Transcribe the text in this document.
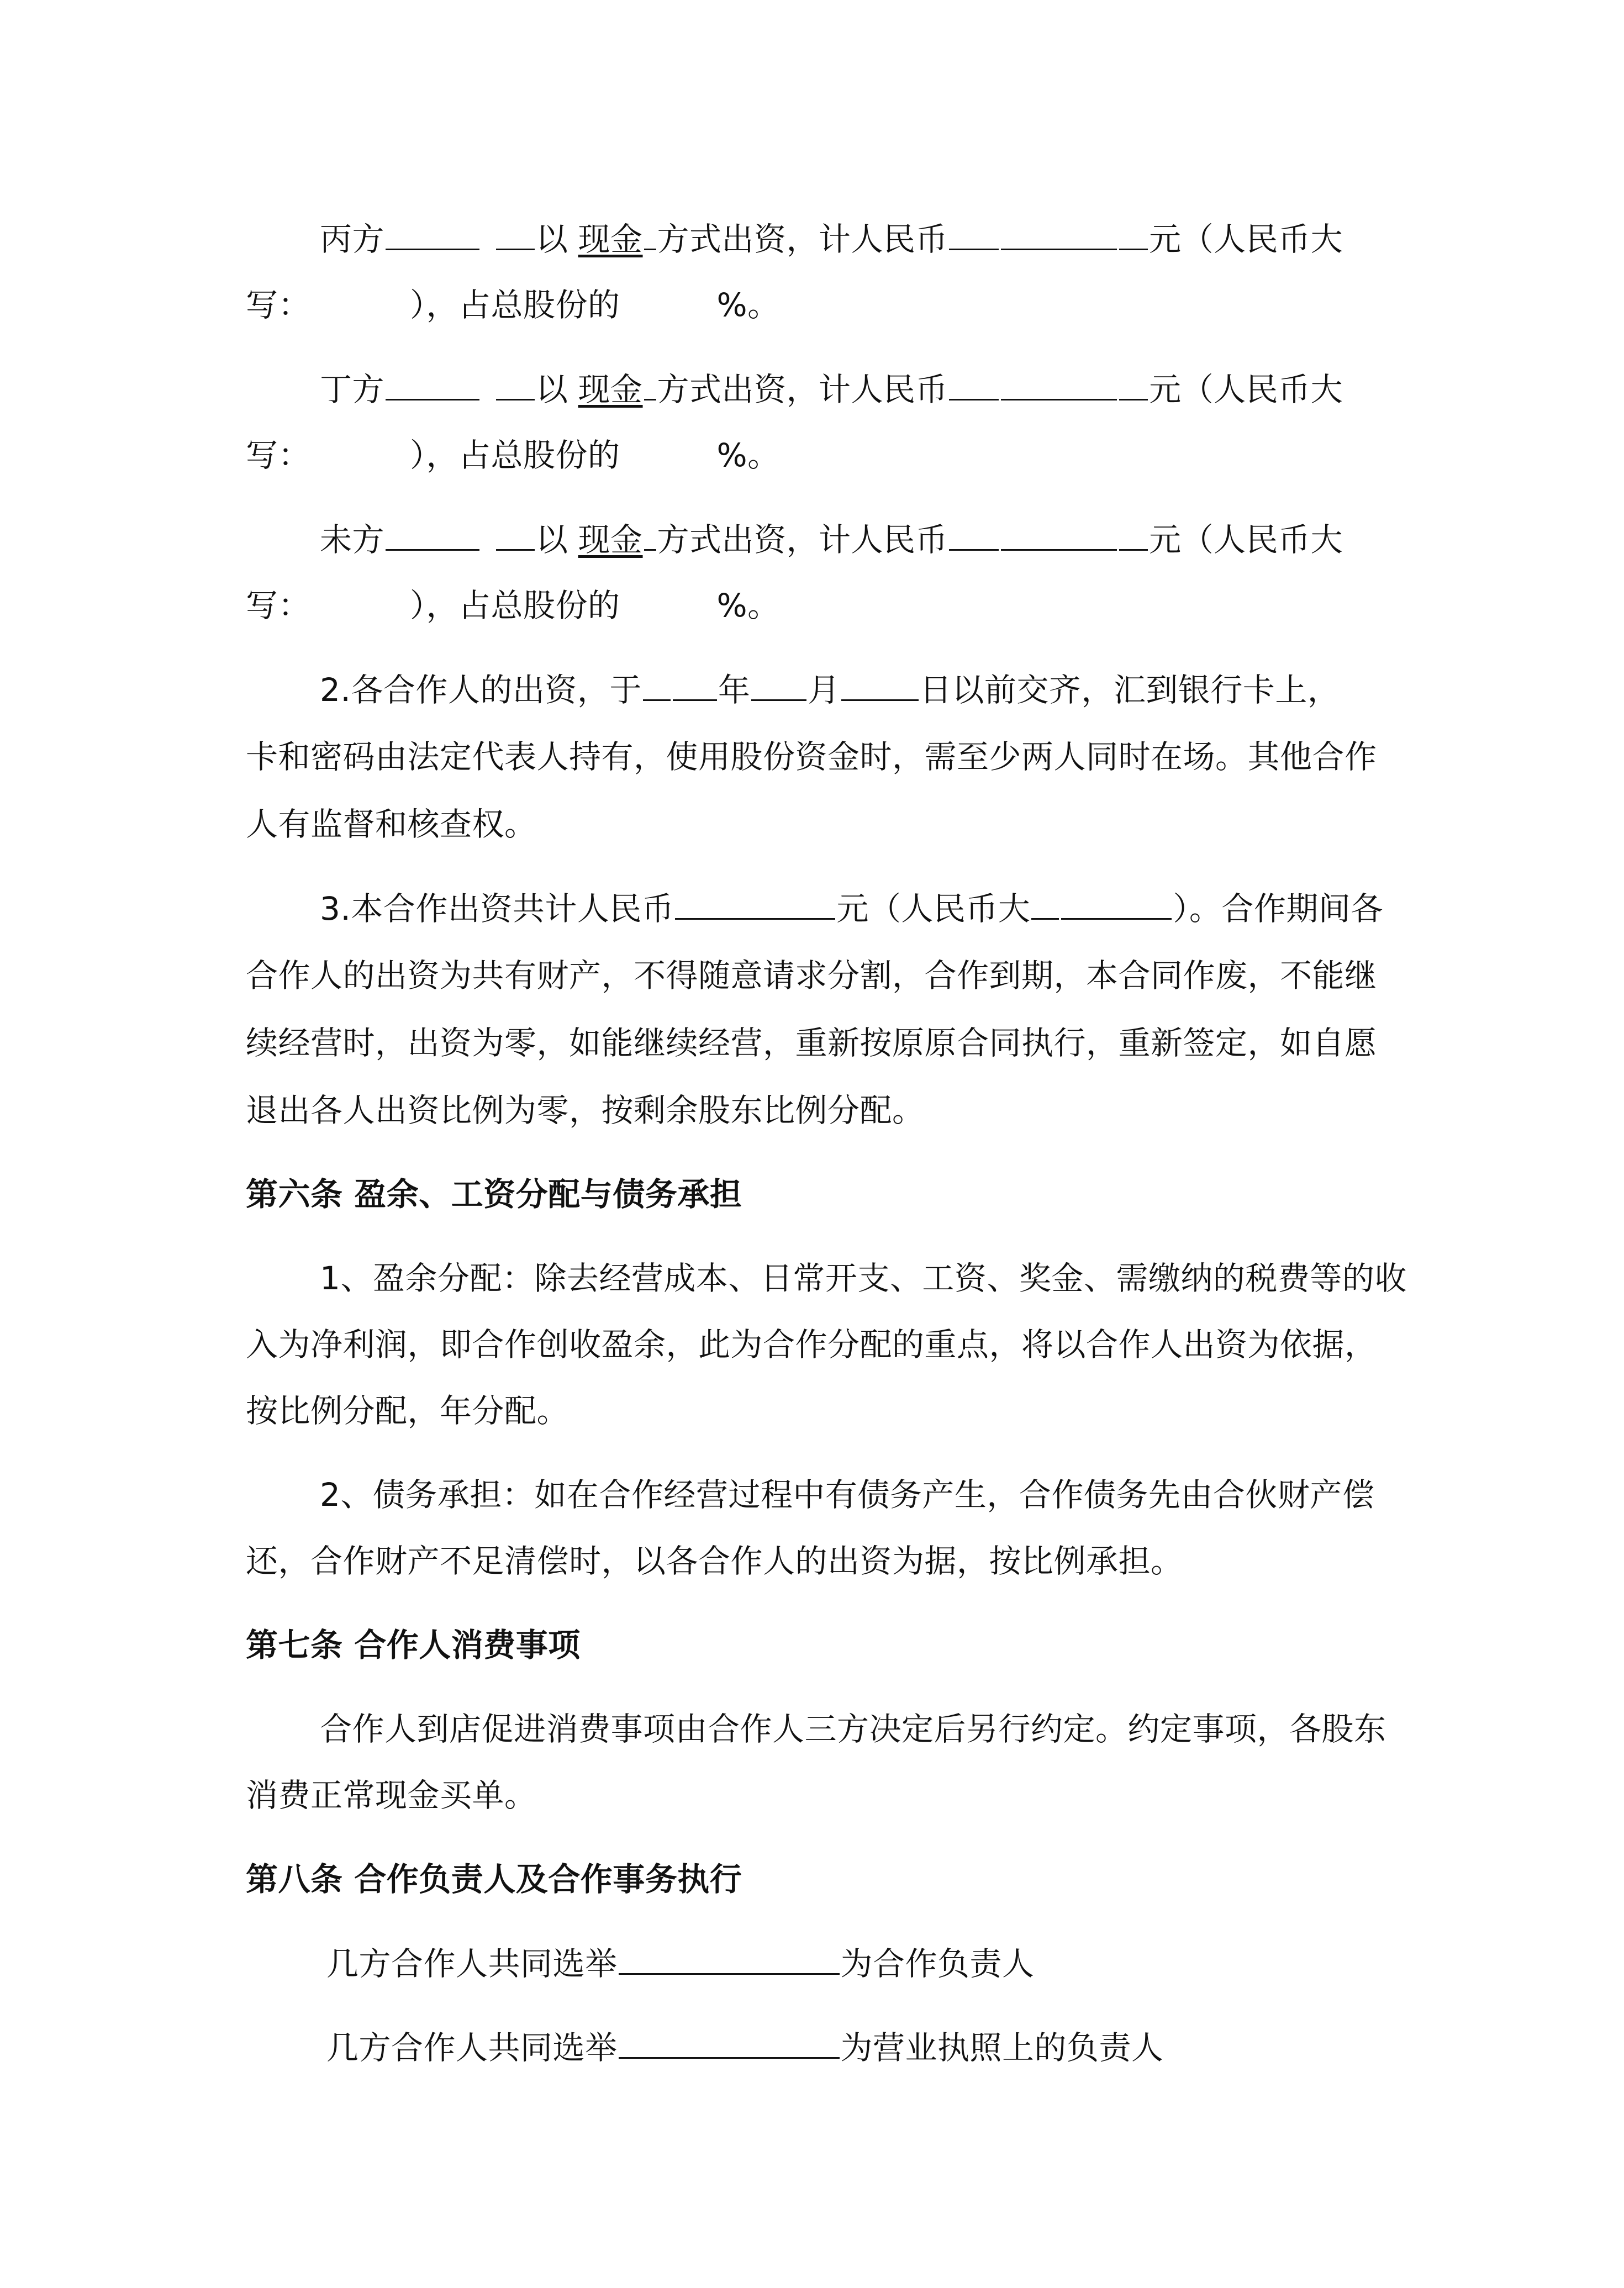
丙方	以 现金 方式出资，计人民币	元（人民币大
写：	），占总股份的	%。
丁方	以 现金 方式出资，计人民币	元（人民币大
写：	），占总股份的	%。
未方	以 现金 方式出资，计人民币	元（人民币大
写：	），占总股份的	%。
2.各合作人的出资，于 年 月 日以前交齐，汇到银行卡上，
卡和密码由法定代表人持有，使用股份资金时，需至少两人同时在场。其他合作
人有监督和核查权。
3.本合作出资共计人民币	元（人民币大	）。合作期间各
合作人的出资为共有财产，不得随意请求分割，合作到期，本合同作废，不能继
续经营时，出资为零，如能继续经营，重新按原原合同执行，重新签定，如自愿
退出各人出资比例为零，按剩余股东比例分配。
第六条 盈余、工资分配与债务承担
1、盈余分配：除去经营成本、日常开支、工资、奖金、需缴纳的税费等的收
入为净利润，即合作创收盈余，此为合作分配的重点，将以合作人出资为依据，
按比例分配，年分配。
2、债务承担：如在合作经营过程中有债务产生，合作债务先由合伙财产偿
还，合作财产不足清偿时，以各合作人的出资为据，按比例承担。
第七条 合作人消费事项
合作人到店促进消费事项由合作人三方决定后另行约定。约定事项，各股东
消费正常现金买单。
第八条 合作负责人及合作事务执行
几方合作人共同选举	为合作负责人
几方合作人共同选举	为营业执照上的负责人
